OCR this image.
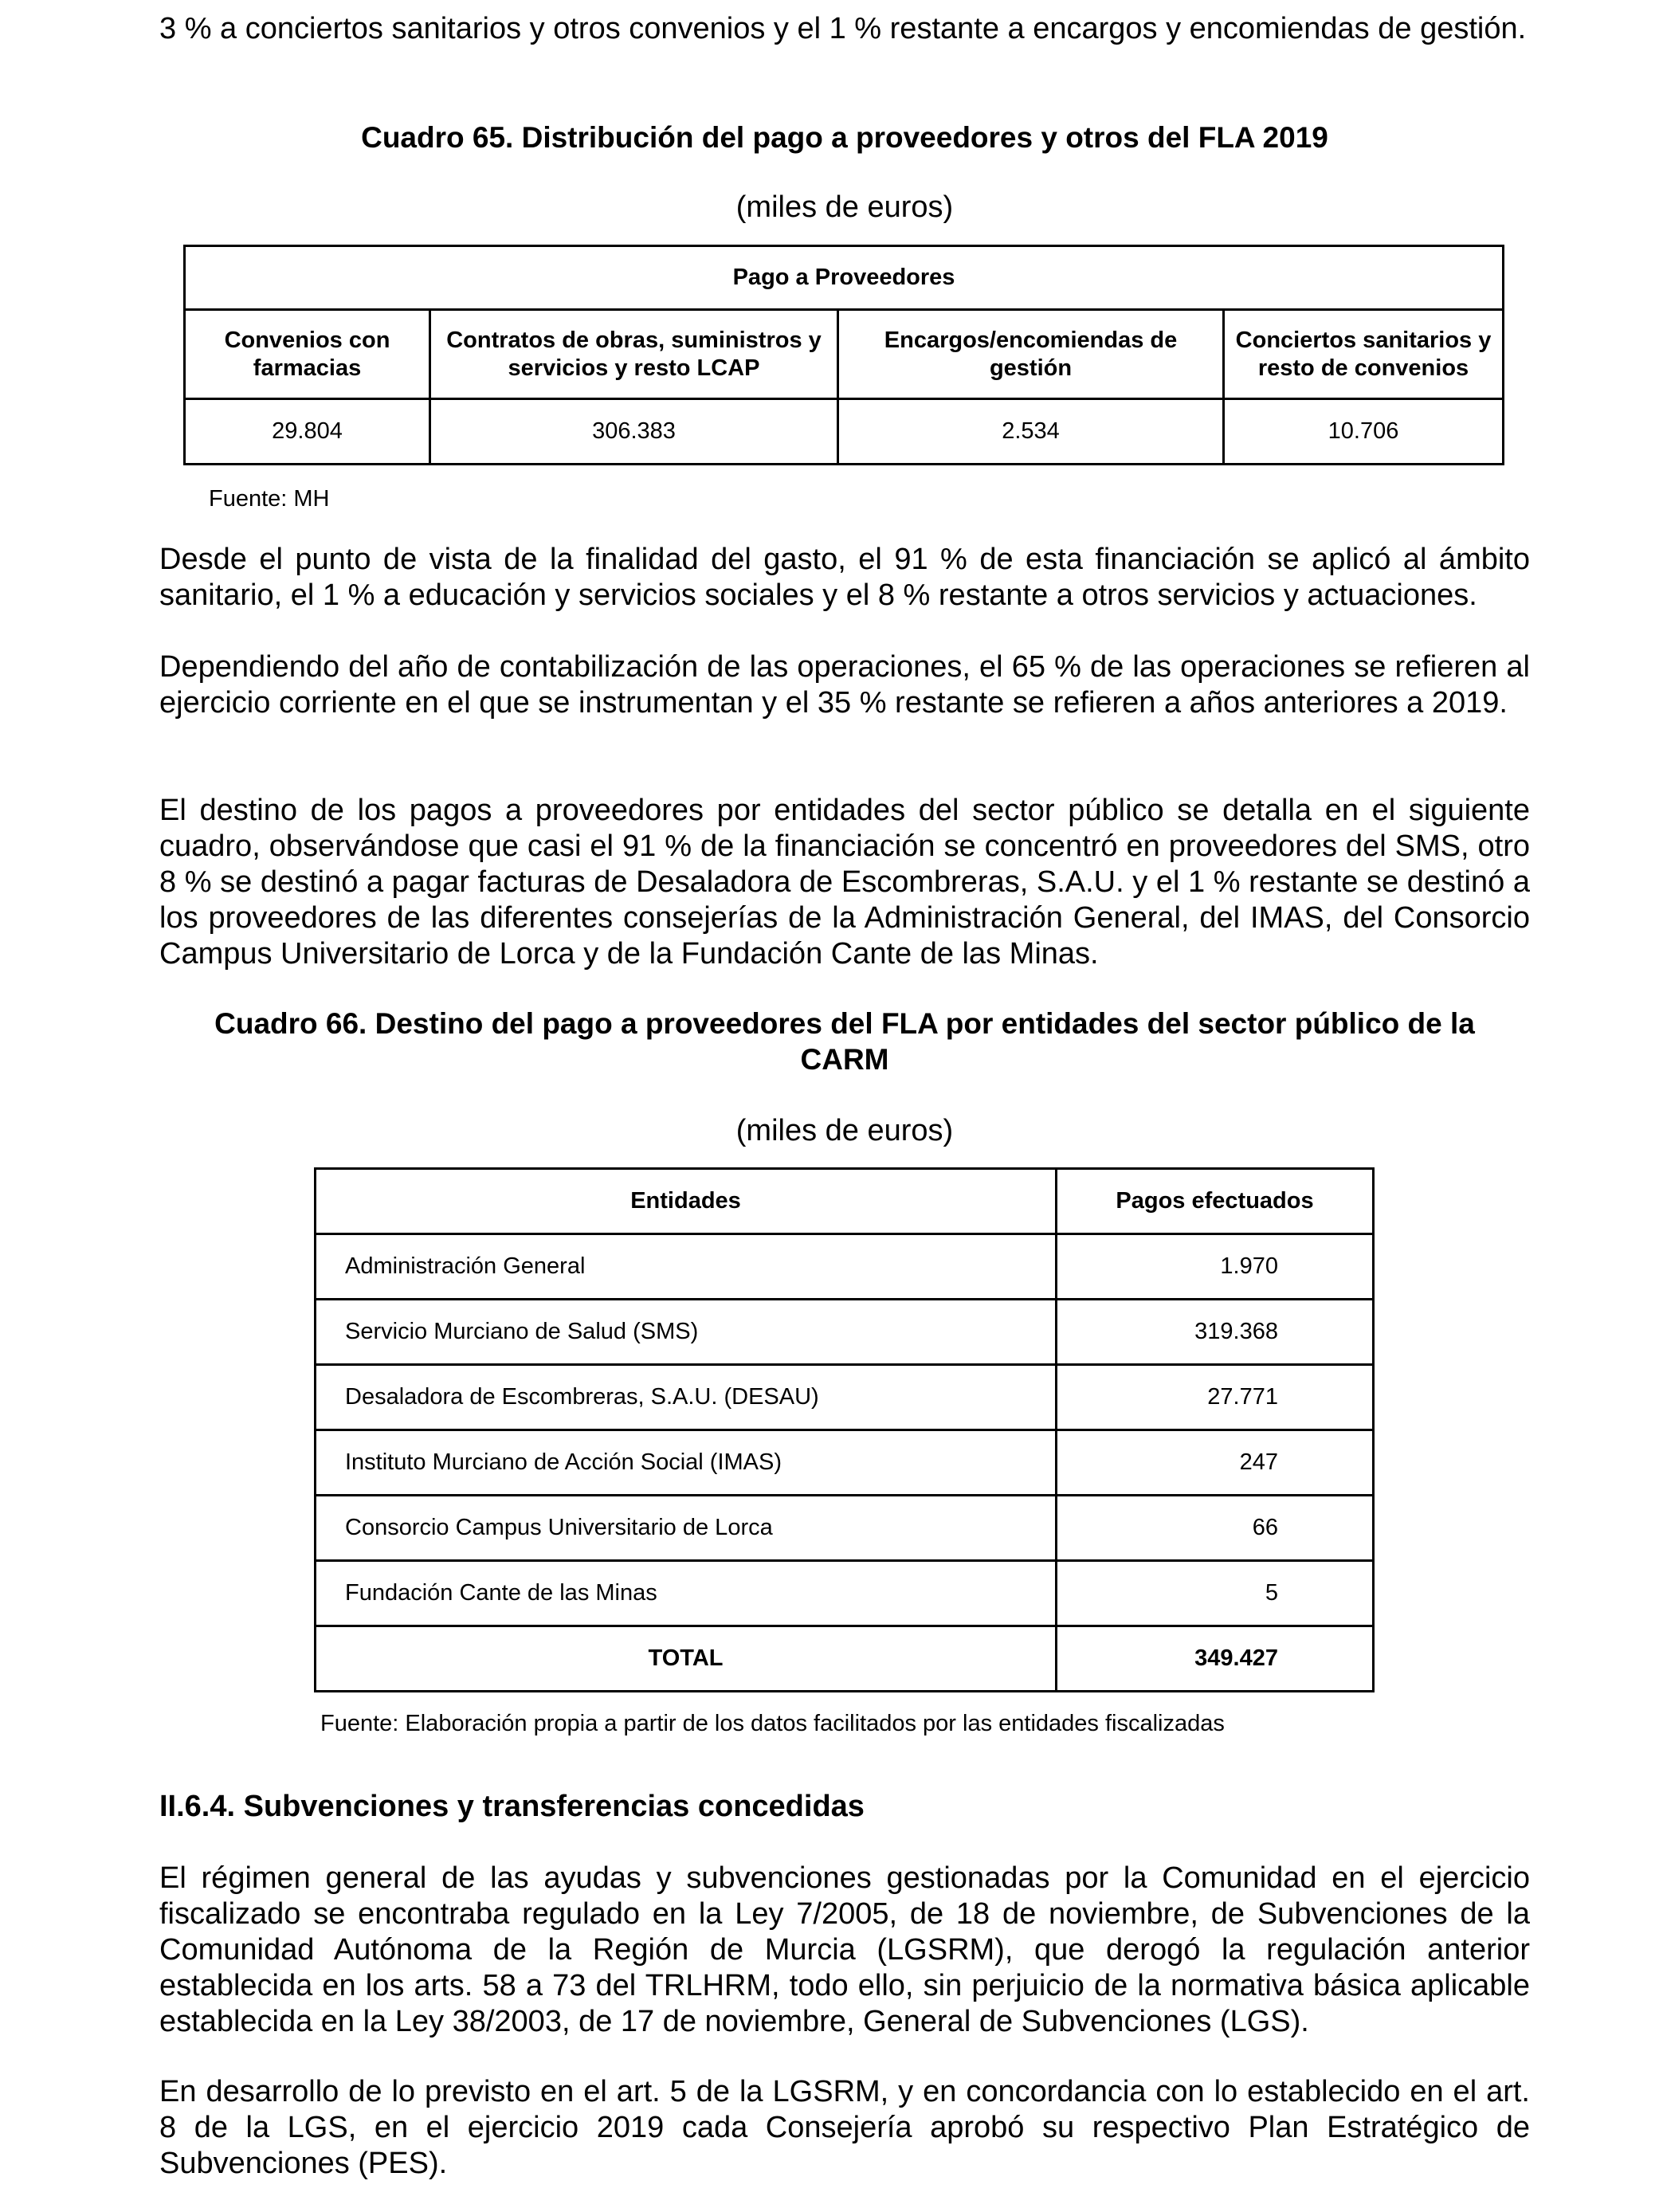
3 % a conciertos sanitarios y otros convenios y el 1 % restante a encargos y encomiendas de gestión.

Cuadro 65. Distribución del pago a proveedores y otros del FLA 2019

(miles de euros)

Pago a Proveedores			
Convenios con farmacias	Contratos de obras, suministros y servicios y resto LCAP	Encargos/encomiendas de gestión	Conciertos sanitarios y resto de convenios
29.804	306.383	2.534	10.706

Fuente: MH

Desde el punto de vista de la finalidad del gasto, el 91 % de esta financiación se aplicó al ámbito sanitario, el 1 % a educación y servicios sociales y el 8 % restante a otros servicios y actuaciones.

Dependiendo del año de contabilización de las operaciones, el 65 % de las operaciones se refieren al ejercicio corriente en el que se instrumentan y el 35 % restante se refieren a años anteriores a 2019.

El destino de los pagos a proveedores por entidades del sector público se detalla en el siguiente cuadro, observándose que casi el 91 % de la financiación se concentró en proveedores del SMS, otro 8 % se destinó a pagar facturas de Desaladora de Escombreras, S.A.U. y el 1 % restante se destinó a los proveedores de las diferentes consejerías de la Administración General, del IMAS, del Consorcio Campus Universitario de Lorca y de la Fundación Cante de las Minas.

Cuadro 66. Destino del pago a proveedores del FLA por entidades del sector público de la
CARM

(miles de euros)

Entidades	Pagos efectuados
Administración General	1.970
Servicio Murciano de Salud (SMS)	319.368
Desaladora de Escombreras, S.A.U. (DESAU)	27.771
Instituto Murciano de Acción Social (IMAS)	247
Consorcio Campus Universitario de Lorca	66
Fundación Cante de las Minas	5
TOTAL	349.427

Fuente: Elaboración propia a partir de los datos facilitados por las entidades fiscalizadas

II.6.4. Subvenciones y transferencias concedidas

El régimen general de las ayudas y subvenciones gestionadas por la Comunidad en el ejercicio fiscalizado se encontraba regulado en la Ley 7/2005, de 18 de noviembre, de Subvenciones de la Comunidad Autónoma de la Región de Murcia (LGSRM), que derogó la regulación anterior establecida en los arts. 58 a 73 del TRLHRM, todo ello, sin perjuicio de la normativa básica aplicable establecida en la Ley 38/2003, de 17 de noviembre, General de Subvenciones (LGS).

En desarrollo de lo previsto en el art. 5 de la LGSRM, y en concordancia con lo establecido en el art. 8 de la LGS, en el ejercicio 2019 cada Consejería aprobó su respectivo Plan Estratégico de Subvenciones (PES).
